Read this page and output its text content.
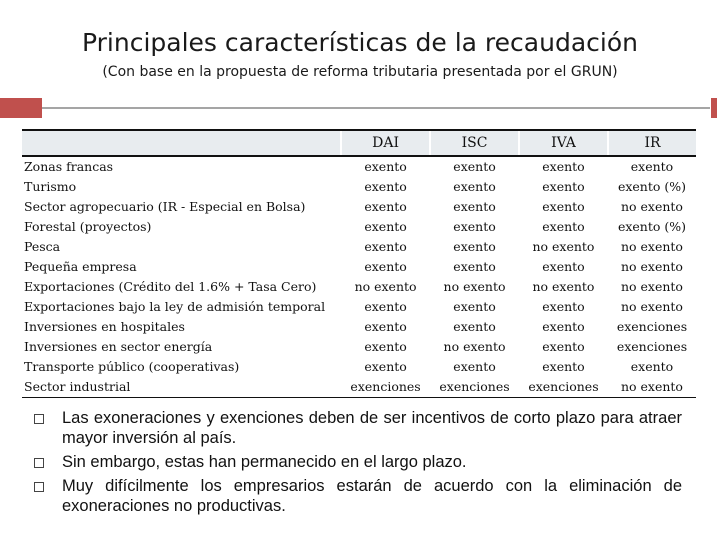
Principales características de la recaudación
(Con base en la propuesta de reforma tributaria presentada por el GRUN)
	DAI	ISC	IVA	IR
Zonas francas	exento	exento	exento	exento
Turismo	exento	exento	exento	exento (%)
Sector agropecuario (IR - Especial en Bolsa)	exento	exento	exento	no exento
Forestal (proyectos)	exento	exento	exento	exento (%)
Pesca	exento	exento	no exento	no exento
Pequeña empresa	exento	exento	exento	no exento
Exportaciones (Crédito del 1.6% + Tasa Cero)	no exento	no exento	no exento	no exento
Exportaciones bajo la ley de admisión temporal	exento	exento	exento	no exento
Inversiones en hospitales	exento	exento	exento	exenciones
Inversiones en sector energía	exento	no exento	exento	exenciones
Transporte público (cooperativas)	exento	exento	exento	exento
Sector industrial	exenciones	exenciones	exenciones	no exento
Las exoneraciones y exenciones deben de ser incentivos de corto plazo para atraer mayor inversión al país.
Sin embargo, estas han permanecido en el largo plazo.
Muy difícilmente los empresarios estarán de acuerdo con la eliminación de exoneraciones no productivas.
